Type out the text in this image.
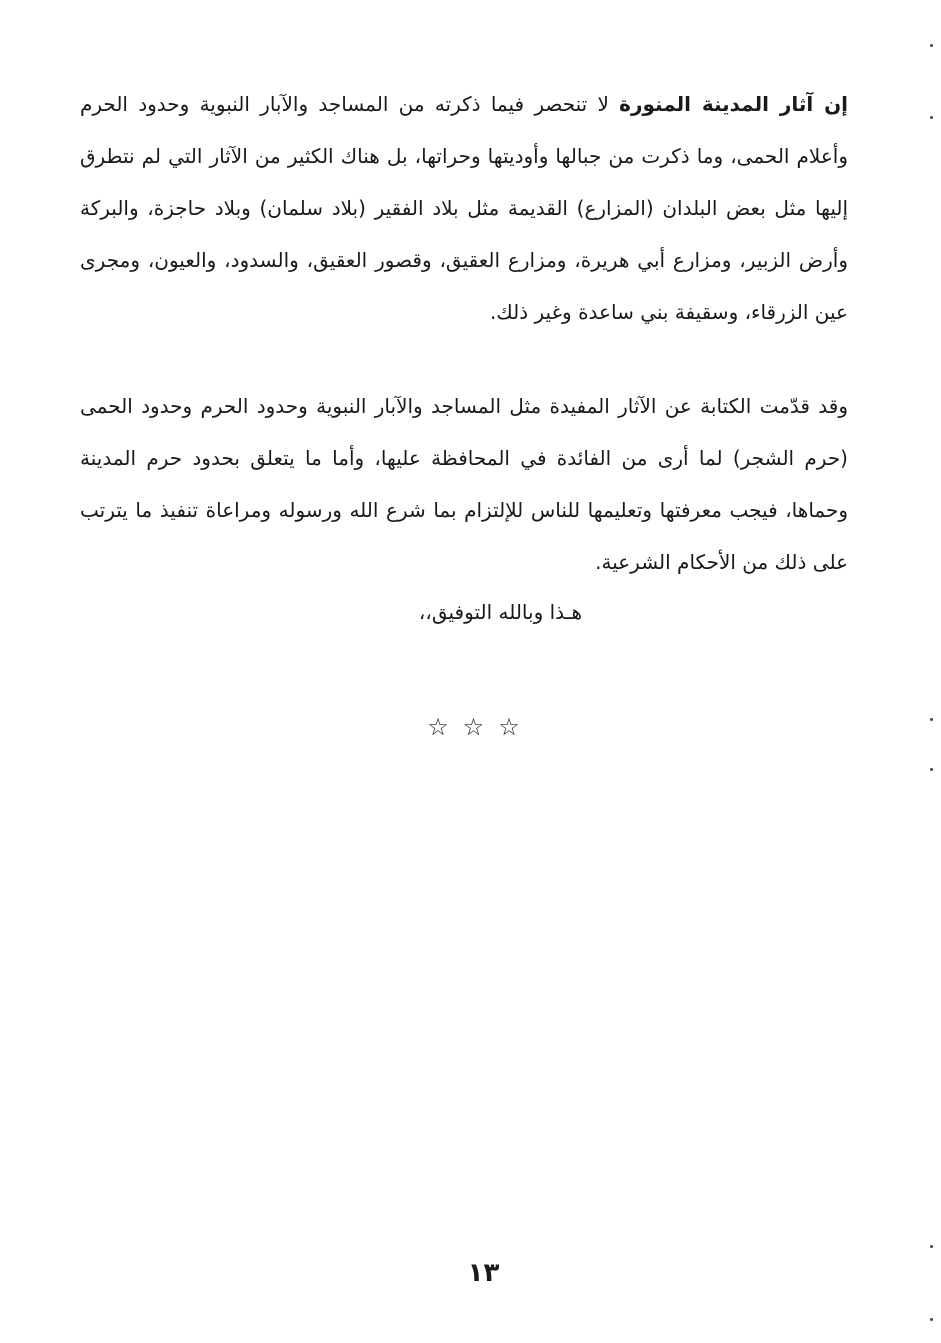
إن آثار المدينة المنورة لا تنحصر فيما ذكرته من المساجد والآبار النبوية وحدود الحرم وأعلام الحمى، وما ذكرت من جبالها وأوديتها وحراتها، بل هناك الكثير من الآثار التي لم نتطرق إليها مثل بعض البلدان (المزارع) القديمة مثل بلاد الفقير (بلاد سلمان) وبلاد حاجزة، والبركة وأرض الزبير، ومزارع أبي هريرة، ومزارع العقيق، وقصور العقيق، والسدود، والعيون، ومجرى عين الزرقاء، وسقيفة بني ساعدة وغير ذلك.
وقد قدّمت الكتابة عن الآثار المفيدة مثل المساجد والآبار النبوية وحدود الحرم وحدود الحمى (حرم الشجر) لما أرى من الفائدة في المحافظة عليها، وأما ما يتعلق بحدود حرم المدينة وحماها، فيجب معرفتها وتعليمها للناس للإلتزام بما شرع الله ورسوله ومراعاة تنفيذ ما يترتب على ذلك من الأحكام الشرعية.
هـذا وبالله التوفيق،،
☆☆☆
١٣
